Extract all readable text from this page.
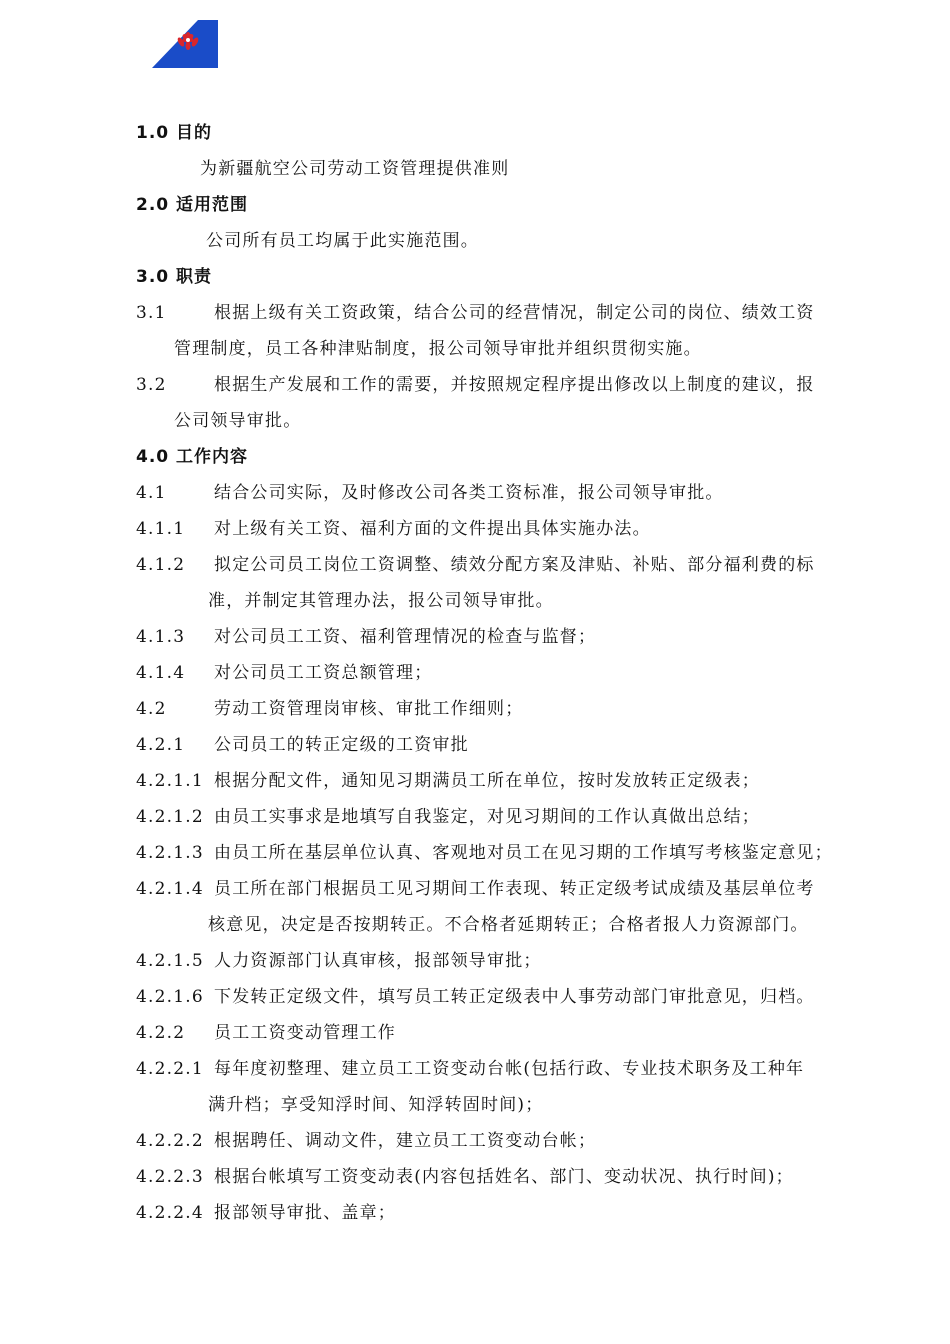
1.0 目的
为新疆航空公司劳动工资管理提供准则
2.0 适用范围
公司所有员工均属于此实施范围。
3.0 职责
3.1	根据上级有关工资政策，结合公司的经营情况，制定公司的岗位、绩效工资
管理制度，员工各种津贴制度，报公司领导审批并组织贯彻实施。
3.2	根据生产发展和工作的需要，并按照规定程序提出修改以上制度的建议，报
公司领导审批。
4.0 工作内容
4.1	结合公司实际，及时修改公司各类工资标准，报公司领导审批。
4.1.1 对上级有关工资、福利方面的文件提出具体实施办法。
4.1.2 拟定公司员工岗位工资调整、绩效分配方案及津贴、补贴、部分福利费的标
准，并制定其管理办法，报公司领导审批。
4.1.3 对公司员工工资、福利管理情况的检查与监督；
4.1.4 对公司员工工资总额管理；
4.2	劳动工资管理岗审核、审批工作细则；
4.2.1 公司员工的转正定级的工资审批
4.2.1.1 根据分配文件，通知见习期满员工所在单位，按时发放转正定级表；
4.2.1.2 由员工实事求是地填写自我鉴定，对见习期间的工作认真做出总结；
4.2.1.3 由员工所在基层单位认真、客观地对员工在见习期的工作填写考核鉴定意见；
4.2.1.4 员工所在部门根据员工见习期间工作表现、转正定级考试成绩及基层单位考
核意见，决定是否按期转正。不合格者延期转正；合格者报人力资源部门。
4.2.1.5 人力资源部门认真审核，报部领导审批；
4.2.1.6 下发转正定级文件，填写员工转正定级表中人事劳动部门审批意见，归档。
4.2.2 员工工资变动管理工作
4.2.2.1 每年度初整理、建立员工工资变动台帐(包括行政、专业技术职务及工种年
满升档；享受知浮时间、知浮转固时间)；
4.2.2.2 根据聘任、调动文件，建立员工工资变动台帐；
4.2.2.3 根据台帐填写工资变动表(内容包括姓名、部门、变动状况、执行时间)；
4.2.2.4 报部领导审批、盖章；
